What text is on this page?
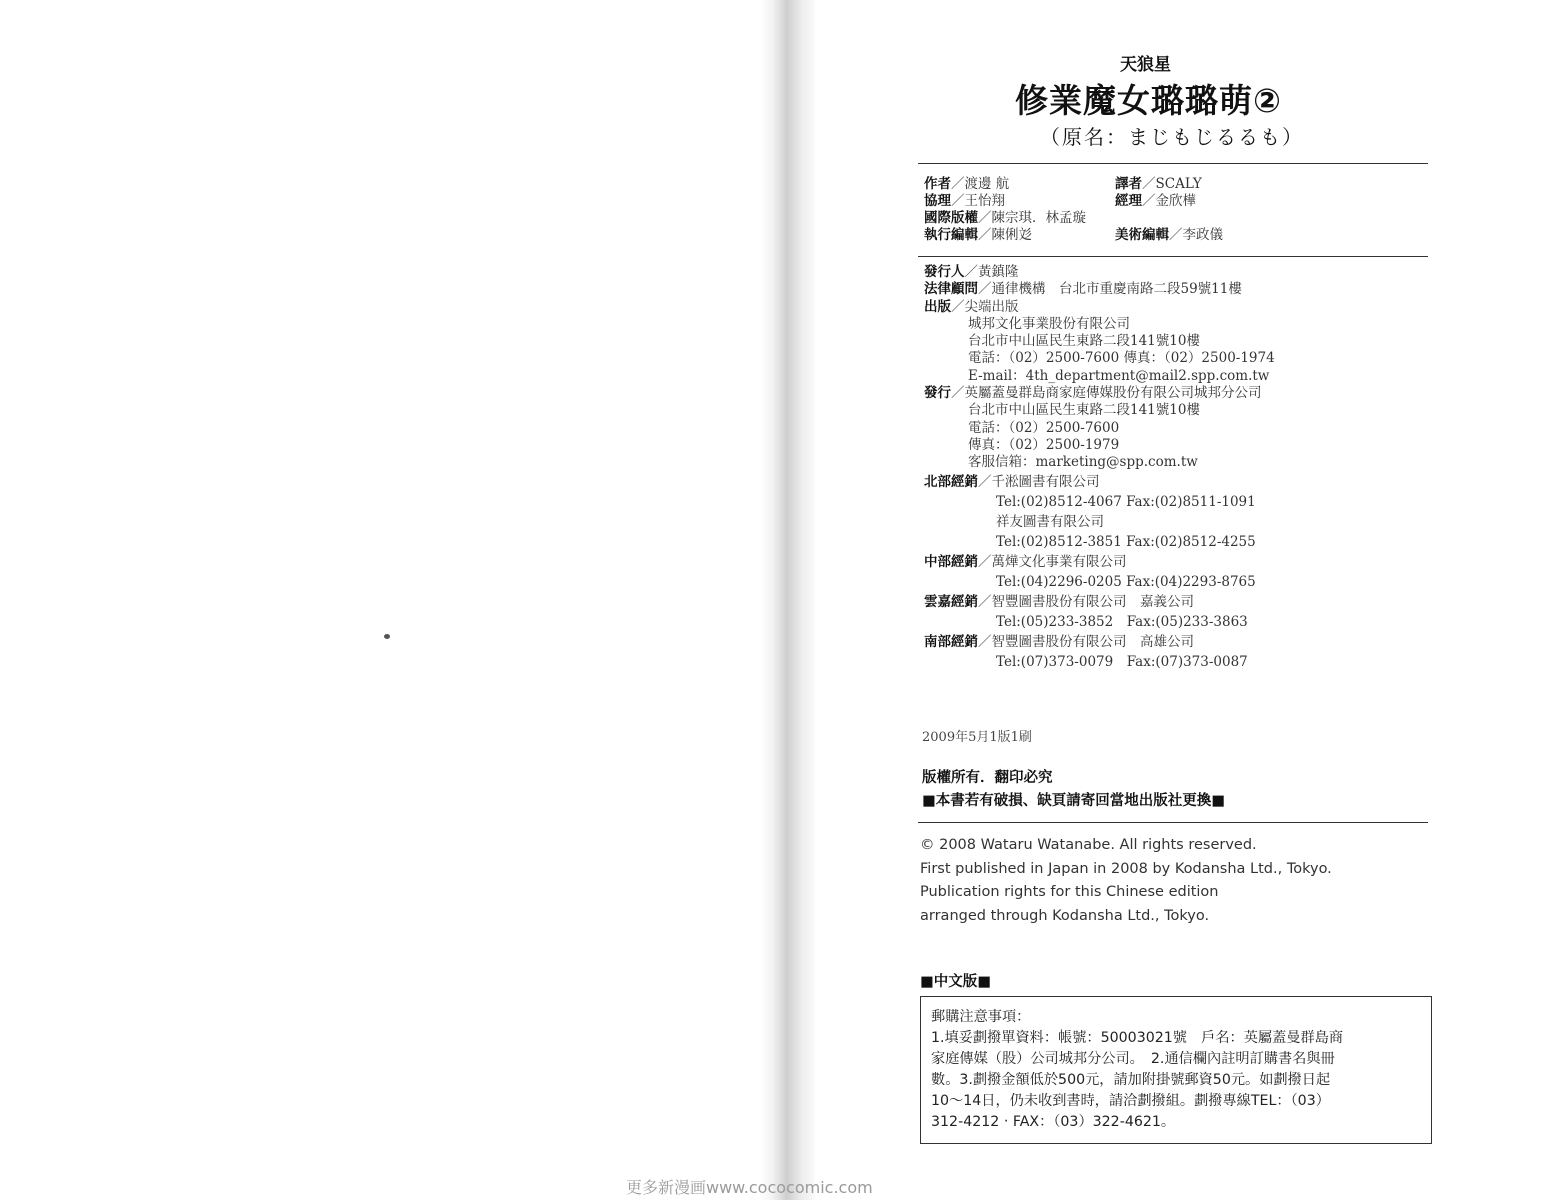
天狼星
修業魔女璐璐萌②
（原名：まじもじるるも）
作者／渡邊 航	譯者／SCALY
協理／王怡翔	經理／金欣樺
國際版權／陳宗琪．林孟璇
執行編輯／陳俐彣	美術編輯／李政儀
發行人／黃鎮隆
法律顧問／通律機構　台北市重慶南路二段59號11樓
出版／尖端出版
城邦文化事業股份有限公司
台北市中山區民生東路二段141號10樓
電話：（02）2500-7600 傳真：（02）2500-1974
E-mail：4th_department@mail2.spp.com.tw
發行／英屬蓋曼群島商家庭傳媒股份有限公司城邦分公司
台北市中山區民生東路二段141號10樓
電話：（02）2500-7600
傳真：（02）2500-1979
客服信箱：marketing@spp.com.tw
北部經銷／千淞圖書有限公司
Tel:(02)8512-4067 Fax:(02)8511-1091
祥友圖書有限公司
Tel:(02)8512-3851 Fax:(02)8512-4255
中部經銷／萬燁文化事業有限公司
Tel:(04)2296-0205 Fax:(04)2293-8765
雲嘉經銷／智豐圖書股份有限公司　嘉義公司
Tel:(05)233-3852　Fax:(05)233-3863
南部經銷／智豐圖書股份有限公司　高雄公司
Tel:(07)373-0079　Fax:(07)373-0087
2009年5月1版1刷
版權所有．翻印必究
■本書若有破損、缺頁請寄回當地出版社更換■
© 2008 Wataru Watanabe. All rights reserved.
First published in Japan in 2008 by Kodansha Ltd., Tokyo.
Publication rights for this Chinese edition
arranged through Kodansha Ltd., Tokyo.
■中文版■
郵購注意事項：
1.填妥劃撥單資料：帳號：50003021號　戶名：英屬蓋曼群島商
家庭傳媒（股）公司城邦分公司。　2.通信欄內註明訂購書名與冊
數。3.劃撥金額低於500元，請加附掛號郵資50元。如劃撥日起
10～14日，仍未收到書時，請洽劃撥組。劃撥專線TEL：（03）
312-4212 ‧ FAX：（03）322-4621。
更多新漫画www.cococomic.com
